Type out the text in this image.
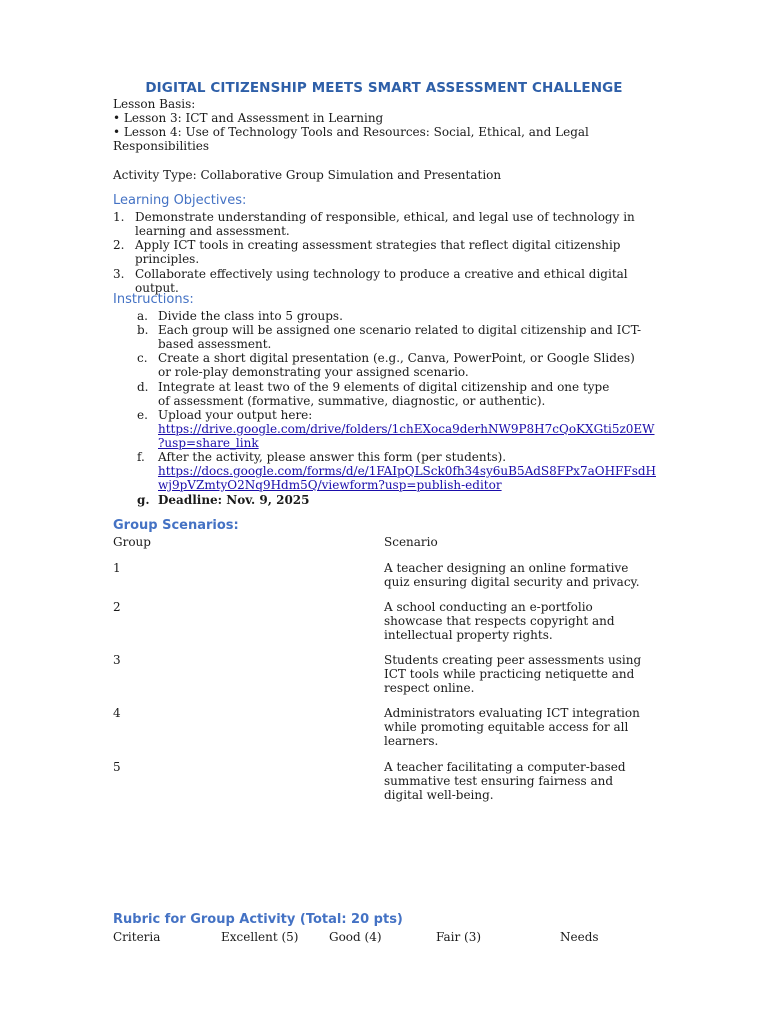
DIGITAL CITIZENSHIP MEETS SMART ASSESSMENT CHALLENGE
Lesson Basis:
• Lesson 3: ICT and Assessment in Learning
• Lesson 4: Use of Technology Tools and Resources: Social, Ethical, and Legal
Responsibilities
Activity Type: Collaborative Group Simulation and Presentation
Learning Objectives:
1. Demonstrate understanding of responsible, ethical, and legal use of technology in learning and assessment.
2. Apply ICT tools in creating assessment strategies that reflect digital citizenship principles.
3. Collaborate effectively using technology to produce a creative and ethical digital output.
Instructions:
a. Divide the class into 5 groups.
b. Each group will be assigned one scenario related to digital citizenship and ICT-based assessment.
c. Create a short digital presentation (e.g., Canva, PowerPoint, or Google Slides) or role-play demonstrating your assigned scenario.
d. Integrate at least two of the 9 elements of digital citizenship and one type of assessment (formative, summative, diagnostic, or authentic).
e. Upload your output here:
https://drive.google.com/drive/folders/1chEXoca9derhNW9P8H7cQoKXGti5z0EW
?usp=share_link
f. After the activity, please answer this form (per students).
https://docs.google.com/forms/d/e/1FAIpQLSck0fh34sy6uB5AdS8FPx7aOHFFsdH
wj9pVZmtyO2Nq9Hdm5Q/viewform?usp=publish-editor
g. Deadline: Nov. 9, 2025
Group Scenarios:
Group	Scenario
1	A teacher designing an online formative quiz ensuring digital security and privacy.
2	A school conducting an e-portfolio showcase that respects copyright and intellectual property rights.
3	Students creating peer assessments using ICT tools while practicing netiquette and respect online.
4	Administrators evaluating ICT integration while promoting equitable access for all learners.
5	A teacher facilitating a computer-based summative test ensuring fairness and digital well-being.
Rubric for Group Activity (Total: 20 pts)
Criteria	Excellent (5)	Good (4)	Fair (3)	Needs
